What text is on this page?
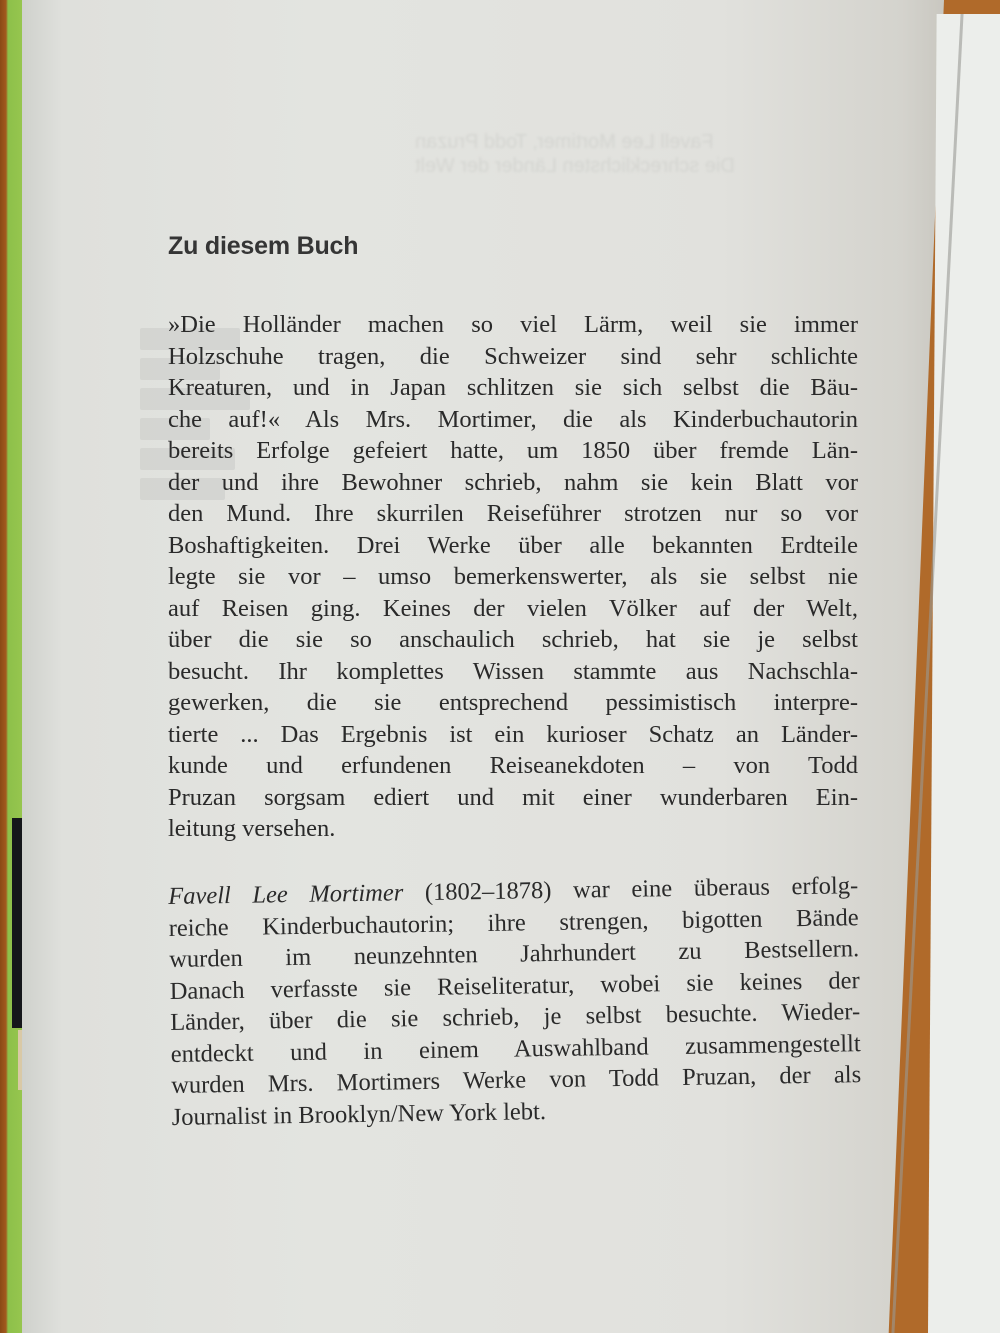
Favell Lee Mortimer, Todd Pruzan
Die schrecklichsten Länder der Welt
Zu diesem Buch

»Die Holländer machen so viel Lärm, weil sie immer
Holzschuhe tragen, die Schweizer sind sehr schlichte
Kreaturen, und in Japan schlitzen sie sich selbst die Bäu-
che auf!« Als Mrs. Mortimer, die als Kinderbuchautorin
bereits Erfolge gefeiert hatte, um 1850 über fremde Län-
der und ihre Bewohner schrieb, nahm sie kein Blatt vor
den Mund. Ihre skurrilen Reiseführer strotzen nur so vor
Boshaftigkeiten. Drei Werke über alle bekannten Erdteile
legte sie vor – umso bemerkenswerter, als sie selbst nie
auf Reisen ging. Keines der vielen Völker auf der Welt,
über die sie so anschaulich schrieb, hat sie je selbst
besucht. Ihr komplettes Wissen stammte aus Nachschla-
gewerken, die sie entsprechend pessimistisch interpre-
tierte ... Das Ergebnis ist ein kurioser Schatz an Länder-
kunde und erfundenen Reiseanekdoten – von Todd
Pruzan sorgsam ediert und mit einer wunderbaren Ein-
leitung versehen.

Favell Lee Mortimer (1802–1878) war eine überaus erfolg-
reiche Kinderbuchautorin; ihre strengen, bigotten Bände
wurden im neunzehnten Jahrhundert zu Bestsellern.
Danach verfasste sie Reiseliteratur, wobei sie keines der
Länder, über die sie schrieb, je selbst besuchte. Wieder-
entdeckt und in einem Auswahlband zusammengestellt
wurden Mrs. Mortimers Werke von Todd Pruzan, der als
Journalist in Brooklyn/New York lebt.
